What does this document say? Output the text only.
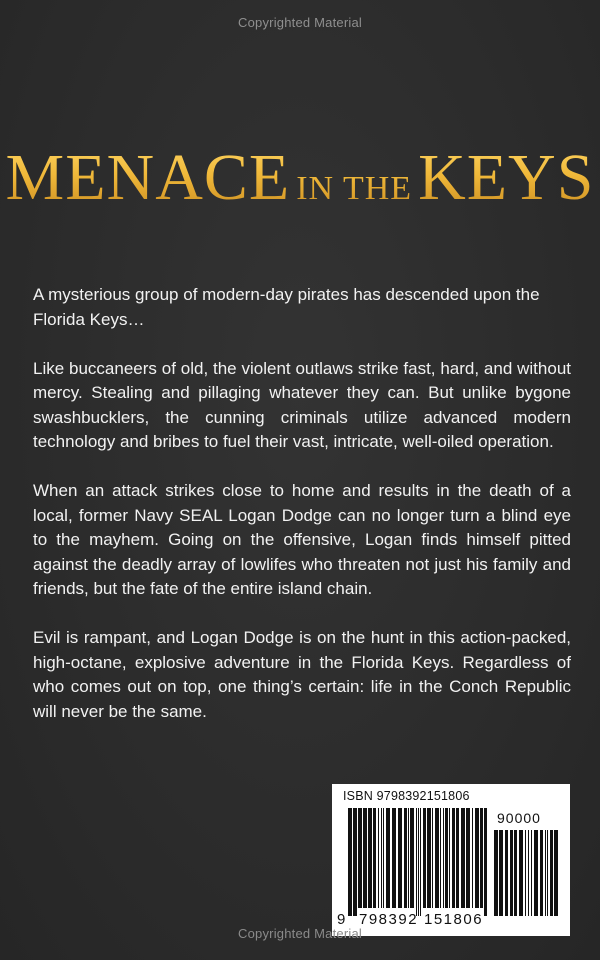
Copyrighted Material
MENACE IN THEKEYS

A mysterious group of modern-day pirates has descended upon the Florida Keys…

Like buccaneers of old, the violent outlaws strike fast, hard, and without mercy. Stealing and pillaging whatever they can. But unlike bygone swashbucklers, the cunning criminals utilize advanced modern technology and bribes to fuel their vast, intricate, well-oiled operation.

When an attack strikes close to home and results in the death of a local, former Navy SEAL Logan Dodge can no longer turn a blind eye to the mayhem. Going on the offensive, Logan finds himself pitted against the deadly array of lowlifes who threaten not just his family and friends, but the fate of the entire island chain.

Evil is rampant, and Logan Dodge is on the hunt in this action-packed, high-octane, explosive adventure in the Florida Keys. Regardless of who comes out on top, one thing’s certain: life in the Conch Republic will never be the same.

ISBN 9798392151806
90000
9 798392 151806
Copyrighted Material
